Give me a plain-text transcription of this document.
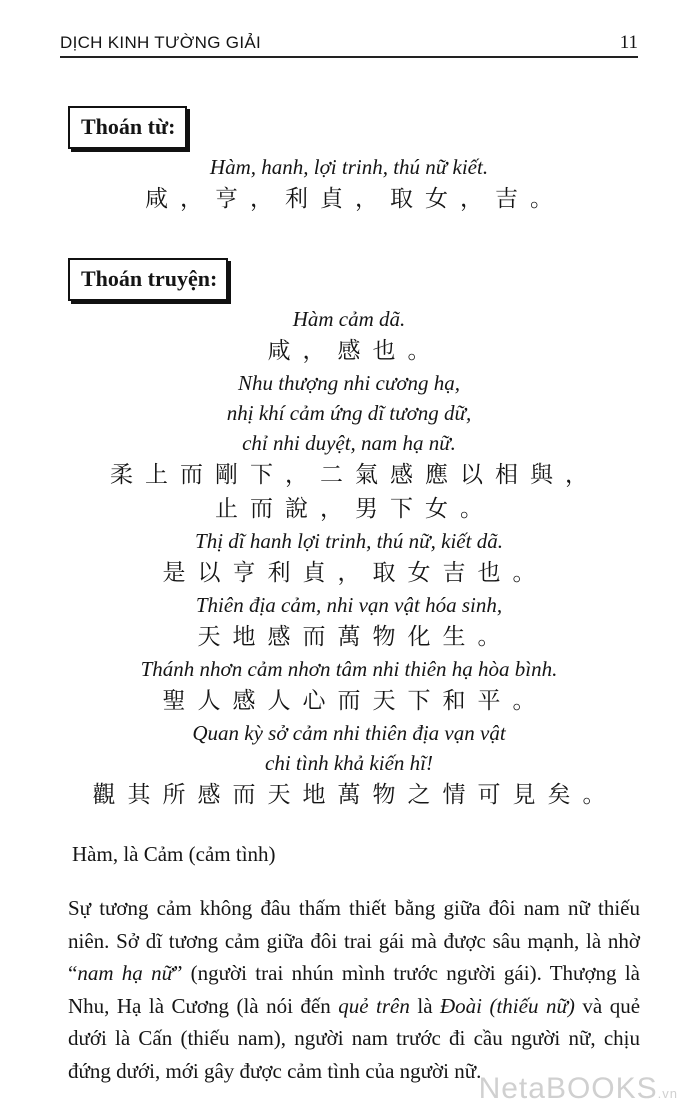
DỊCH KINH TƯỜNG GIẢI	11
Thoán từ:
Hàm, hanh, lợi trinh, thú nữ kiết.
咸，亨，利貞，取女，吉。
Thoán truyện:
Hàm cảm dã.
咸，感也。
Nhu thượng nhi cương hạ,
nhị khí cảm ứng dĩ tương dữ,
chỉ nhi duyệt, nam hạ nữ.
柔上而剛下，二氣感應以相與，
止而說，男下女。
Thị dĩ hanh lợi trinh, thú nữ, kiết dã.
是以亨利貞，取女吉也。
Thiên địa cảm, nhi vạn vật hóa sinh,
天地感而萬物化生。
Thánh nhơn cảm nhơn tâm nhi thiên hạ hòa bình.
聖人感人心而天下和平。
Quan kỳ sở cảm nhi thiên địa vạn vật
chi tình khả kiến hĩ!
觀其所感而天地萬物之情可見矣。
Hàm, là Cảm (cảm tình)
Sự tương cảm không đâu thấm thiết bằng giữa đôi nam nữ thiếu niên. Sở dĩ tương cảm giữa đôi trai gái mà được sâu mạnh, là nhờ “nam hạ nữ” (người trai nhún mình trước người gái). Thượng là Nhu, Hạ là Cương (là nói đến quẻ trên là Đoài (thiếu nữ) và quẻ dưới là Cấn (thiếu nam), người nam trước đi cầu người nữ, chịu đứng dưới, mới gây được cảm tình của người nữ.
NetaBOOKS.vn
